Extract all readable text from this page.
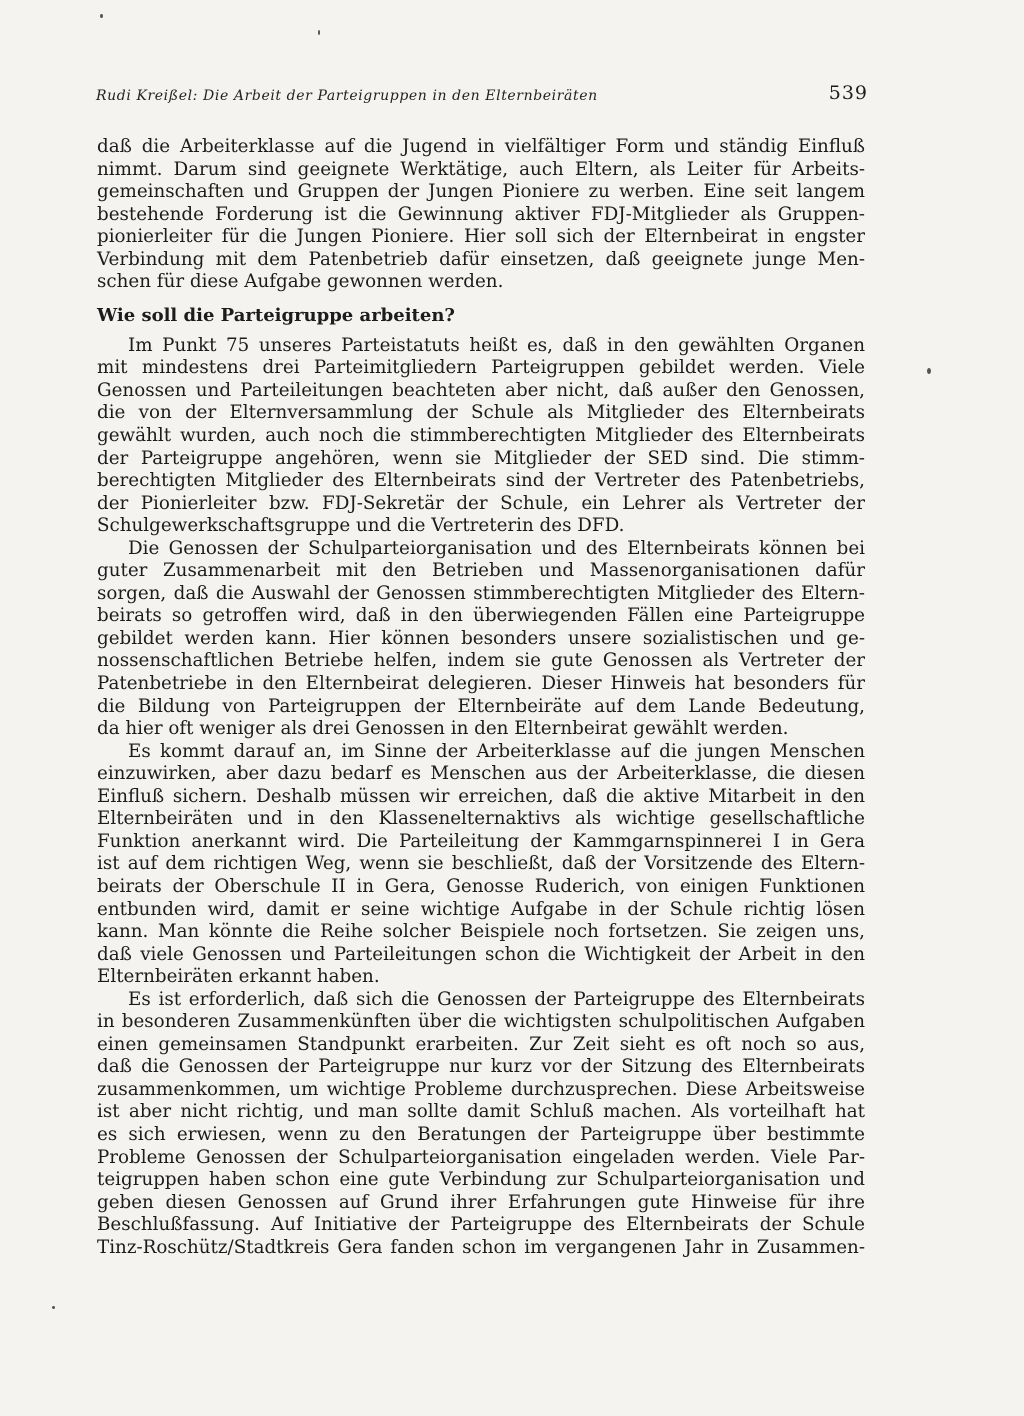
Rudi Kreißel: Die Arbeit der Parteigruppen in den Elternbeiräten	539
daß die Arbeiterklasse auf die Jugend in vielfältiger Form und ständig Einfluß
nimmt. Darum sind geeignete Werktätige, auch Eltern, als Leiter für Arbeits-
gemeinschaften und Gruppen der Jungen Pioniere zu werben. Eine seit langem
bestehende Forderung ist die Gewinnung aktiver FDJ-Mitglieder als Gruppen-
pionierleiter für die Jungen Pioniere. Hier soll sich der Elternbeirat in engster
Verbindung mit dem Patenbetrieb dafür einsetzen, daß geeignete junge Men-
schen für diese Aufgabe gewonnen werden.
Wie soll die Parteigruppe arbeiten?
Im Punkt 75 unseres Parteistatuts heißt es, daß in den gewählten Organen
mit mindestens drei Parteimitgliedern Parteigruppen gebildet werden. Viele
Genossen und Parteileitungen beachteten aber nicht, daß außer den Genossen,
die von der Elternversammlung der Schule als Mitglieder des Elternbeirats
gewählt wurden, auch noch die stimmberechtigten Mitglieder des Elternbeirats
der Parteigruppe angehören, wenn sie Mitglieder der SED sind. Die stimm-
berechtigten Mitglieder des Elternbeirats sind der Vertreter des Patenbetriebs,
der Pionierleiter bzw. FDJ-Sekretär der Schule, ein Lehrer als Vertreter der
Schulgewerkschaftsgruppe und die Vertreterin des DFD.
Die Genossen der Schulparteiorganisation und des Elternbeirats können bei
guter Zusammenarbeit mit den Betrieben und Massenorganisationen dafür
sorgen, daß die Auswahl der Genossen stimmberechtigten Mitglieder des Eltern-
beirats so getroffen wird, daß in den überwiegenden Fällen eine Parteigruppe
gebildet werden kann. Hier können besonders unsere sozialistischen und ge-
nossenschaftlichen Betriebe helfen, indem sie gute Genossen als Vertreter der
Patenbetriebe in den Elternbeirat delegieren. Dieser Hinweis hat besonders für
die Bildung von Parteigruppen der Elternbeiräte auf dem Lande Bedeutung,
da hier oft weniger als drei Genossen in den Elternbeirat gewählt werden.
Es kommt darauf an, im Sinne der Arbeiterklasse auf die jungen Menschen
einzuwirken, aber dazu bedarf es Menschen aus der Arbeiterklasse, die diesen
Einfluß sichern. Deshalb müssen wir erreichen, daß die aktive Mitarbeit in den
Elternbeiräten und in den Klassenelternaktivs als wichtige gesellschaftliche
Funktion anerkannt wird. Die Parteileitung der Kammgarnspinnerei I in Gera
ist auf dem richtigen Weg, wenn sie beschließt, daß der Vorsitzende des Eltern-
beirats der Oberschule II in Gera, Genosse Ruderich, von einigen Funktionen
entbunden wird, damit er seine wichtige Aufgabe in der Schule richtig lösen
kann. Man könnte die Reihe solcher Beispiele noch fortsetzen. Sie zeigen uns,
daß viele Genossen und Parteileitungen schon die Wichtigkeit der Arbeit in den
Elternbeiräten erkannt haben.
Es ist erforderlich, daß sich die Genossen der Parteigruppe des Elternbeirats
in besonderen Zusammenkünften über die wichtigsten schulpolitischen Aufgaben
einen gemeinsamen Standpunkt erarbeiten. Zur Zeit sieht es oft noch so aus,
daß die Genossen der Parteigruppe nur kurz vor der Sitzung des Elternbeirats
zusammenkommen, um wichtige Probleme durchzusprechen. Diese Arbeitsweise
ist aber nicht richtig, und man sollte damit Schluß machen. Als vorteilhaft hat
es sich erwiesen, wenn zu den Beratungen der Parteigruppe über bestimmte
Probleme Genossen der Schulparteiorganisation eingeladen werden. Viele Par-
teigruppen haben schon eine gute Verbindung zur Schulparteiorganisation und
geben diesen Genossen auf Grund ihrer Erfahrungen gute Hinweise für ihre
Beschlußfassung. Auf Initiative der Parteigruppe des Elternbeirats der Schule
Tinz-Roschütz/Stadtkreis Gera fanden schon im vergangenen Jahr in Zusammen-
